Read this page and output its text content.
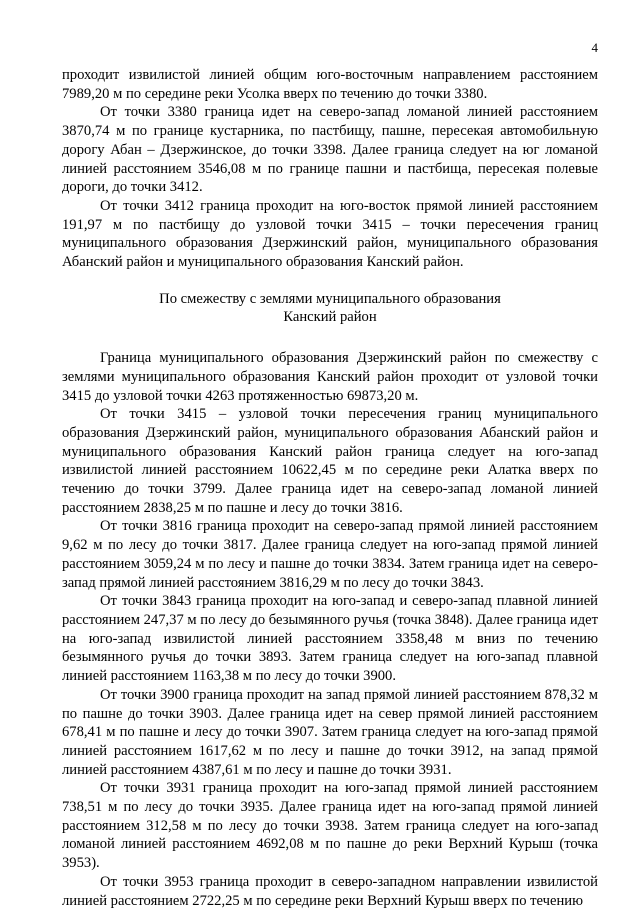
4

проходит извилистой линией общим юго-восточным направлением расстоянием 7989,20 м по середине реки Усолка вверх по течению до точки 3380.

От точки 3380 граница идет на северо-запад ломаной линией расстоянием 3870,74 м по границе кустарника, по пастбищу, пашне, пересекая автомобильную дорогу Абан – Дзержинское, до точки 3398. Далее граница следует на юг ломаной линией расстоянием 3546,08 м по границе пашни и пастбища, пересекая полевые дороги, до точки 3412.

От точки 3412 граница проходит на юго-восток прямой линией расстоянием 191,97 м по пастбищу до узловой точки 3415 – точки пересечения границ муниципального образования Дзержинский район, муниципального образования Абанский район и муниципального образования Канский район.

По смежеству с землями муниципального образования

Канский район

Граница муниципального образования Дзержинский район по смежеству с землями муниципального образования Канский район проходит от узловой точки 3415 до узловой точки 4263 протяженностью 69873,20 м.

От точки 3415 – узловой точки пересечения границ муниципального образования Дзержинский район, муниципального образования Абанский район и муниципального образования Канский район граница следует на юго-запад извилистой линией расстоянием 10622,45 м по середине реки Алатка вверх по течению до точки 3799. Далее граница идет на северо-запад ломаной линией расстоянием 2838,25 м по пашне и лесу до точки 3816.

От точки 3816 граница проходит на северо-запад прямой линией расстоянием 9,62 м по лесу до точки 3817. Далее граница следует на юго-запад прямой линией расстоянием 3059,24 м по лесу и пашне до точки 3834. Затем граница идет на северо-запад прямой линией расстоянием 3816,29 м по лесу до точки 3843.

От точки 3843 граница проходит на юго-запад и северо-запад плавной линией расстоянием 247,37 м по лесу до безымянного ручья (точка 3848). Далее граница идет на юго-запад извилистой линией расстоянием 3358,48 м вниз по течению безымянного ручья до точки 3893. Затем граница следует на юго-запад плавной линией расстоянием 1163,38 м по лесу до точки 3900.

От точки 3900 граница проходит на запад прямой линией расстоянием 878,32 м по пашне до точки 3903. Далее граница идет на север прямой линией расстоянием 678,41 м по пашне и лесу до точки 3907. Затем граница следует на юго-запад прямой линией расстоянием 1617,62 м по лесу и пашне до точки 3912, на запад прямой линией расстоянием 4387,61 м по лесу и пашне до точки 3931.

От точки 3931 граница проходит на юго-запад прямой линией расстоянием 738,51 м по лесу до точки 3935. Далее граница идет на юго-запад прямой линией расстоянием 312,58 м по лесу до точки 3938. Затем граница следует на юго-запад ломаной линией расстоянием 4692,08 м по пашне до реки Верхний Курыш (точка 3953).

От точки 3953 граница проходит в северо-западном направлении извилистой линией расстоянием 2722,25 м по середине реки Верхний Курыш вверх по течению
